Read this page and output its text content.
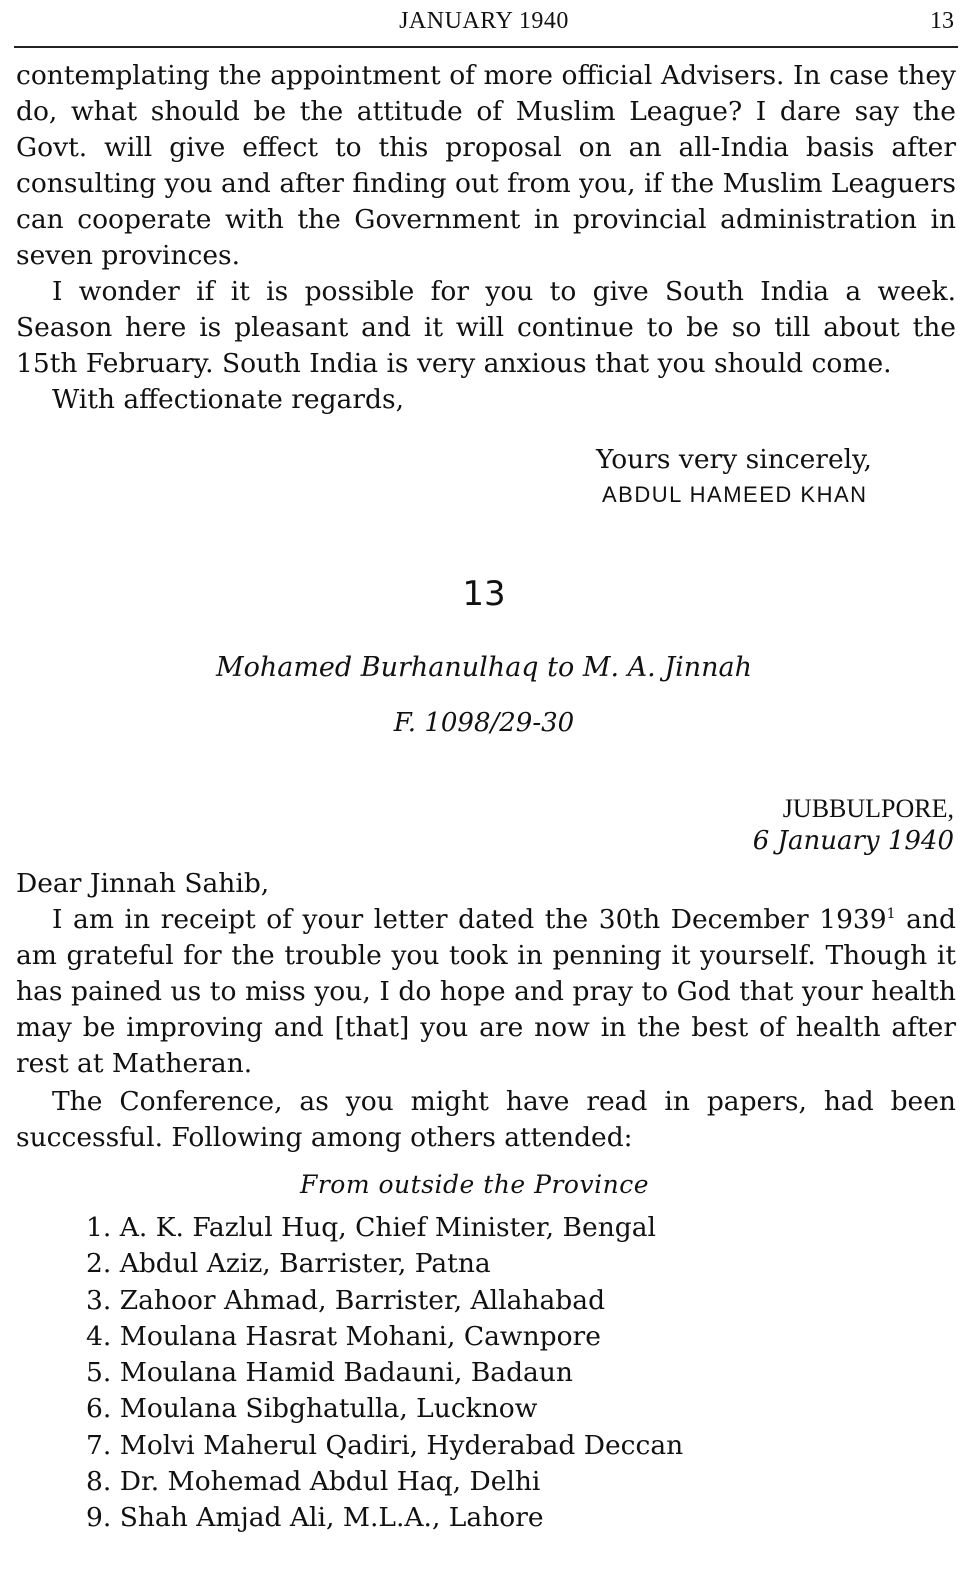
JANUARY 1940	13

contemplating the appointment of more official Advisers. In case they do, what should be the attitude of Muslim League? I dare say the Govt. will give effect to this proposal on an all-India basis after consulting you and after finding out from you, if the Muslim Leaguers can cooperate with the Government in provincial administration in seven provinces.

I wonder if it is possible for you to give South India a week. Season here is pleasant and it will continue to be so till about the 15th February. South India is very anxious that you should come.

With affectionate regards,

Yours very sincerely,
ABDUL HAMEED KHAN
13
Mohamed Burhanulhaq to M. A. Jinnah
F. 1098/29-30
JUBBULPORE,
6 January 1940

Dear Jinnah Sahib,

I am in receipt of your letter dated the 30th December 1939$^1$ and am grateful for the trouble you took in penning it yourself. Though it has pained us to miss you, I do hope and pray to God that your health may be improving and [that] you are now in the best of health after rest at Matheran.

The Conference, as you might have read in papers, had been successful. Following among others attended:

From outside the Province
1. A. K. Fazlul Huq, Chief Minister, Bengal
2. Abdul Aziz, Barrister, Patna
3. Zahoor Ahmad, Barrister, Allahabad
4. Moulana Hasrat Mohani, Cawnpore
5. Moulana Hamid Badauni, Badaun
6. Moulana Sibghatulla, Lucknow
7. Molvi Maherul Qadiri, Hyderabad Deccan
8. Dr. Mohemad Abdul Haq, Delhi
9. Shah Amjad Ali, M.L.A., Lahore
